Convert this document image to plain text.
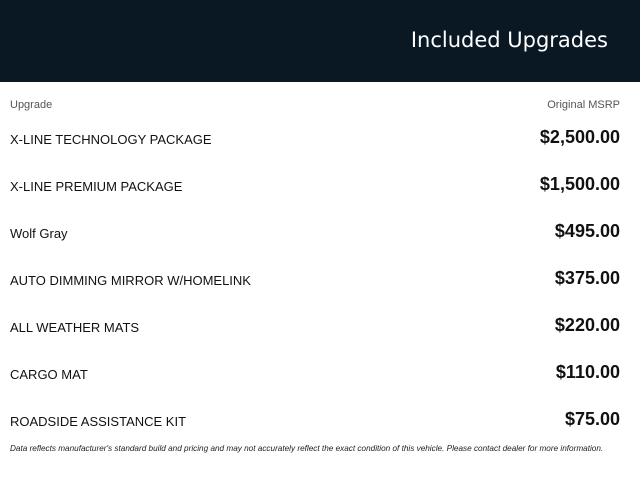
Included Upgrades
Upgrade	Original MSRP
X-LINE TECHNOLOGY PACKAGE	$2,500.00
X-LINE PREMIUM PACKAGE	$1,500.00
Wolf Gray	$495.00
AUTO DIMMING MIRROR W/HOMELINK	$375.00
ALL WEATHER MATS	$220.00
CARGO MAT	$110.00
ROADSIDE ASSISTANCE KIT	$75.00
Data reflects manufacturer's standard build and pricing and may not accurately reflect the exact condition of this vehicle. Please contact dealer for more information.
